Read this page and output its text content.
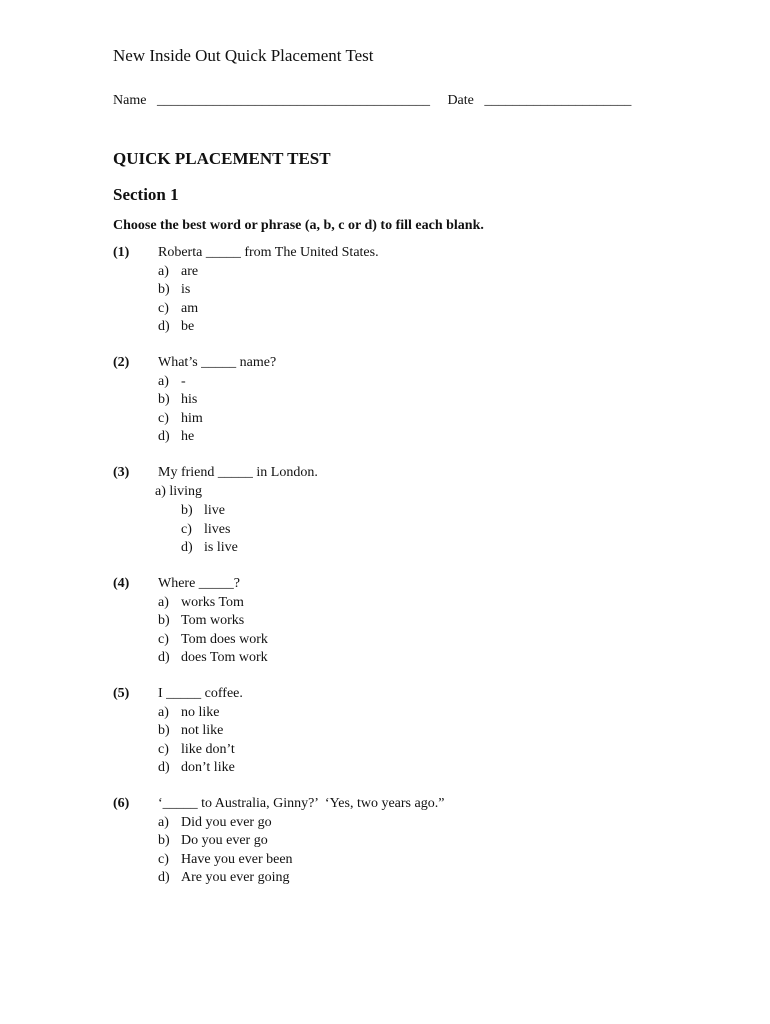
New Inside Out Quick Placement Test
Name _______________________________________ Date _____________________
QUICK PLACEMENT TEST
Section 1
Choose the best word or phrase (a, b, c or d) to fill each blank.
(1) Roberta _____ from The United States.
a) are
b) is
c) am
d) be
(2) What’s _____ name?
a) -
b) his
c) him
d) he
(3) My friend _____ in London.
a) living
b) live
c) lives
d) is live
(4) Where _____?
a) works Tom
b) Tom works
c) Tom does work
d) does Tom work
(5) I _____ coffee.
a) no like
b) not like
c) like don’t
d) don’t like
(6) ‘_____ to Australia, Ginny?’  ‘Yes, two years ago.”
a) Did you ever go
b) Do you ever go
c) Have you ever been
d) Are you ever going
